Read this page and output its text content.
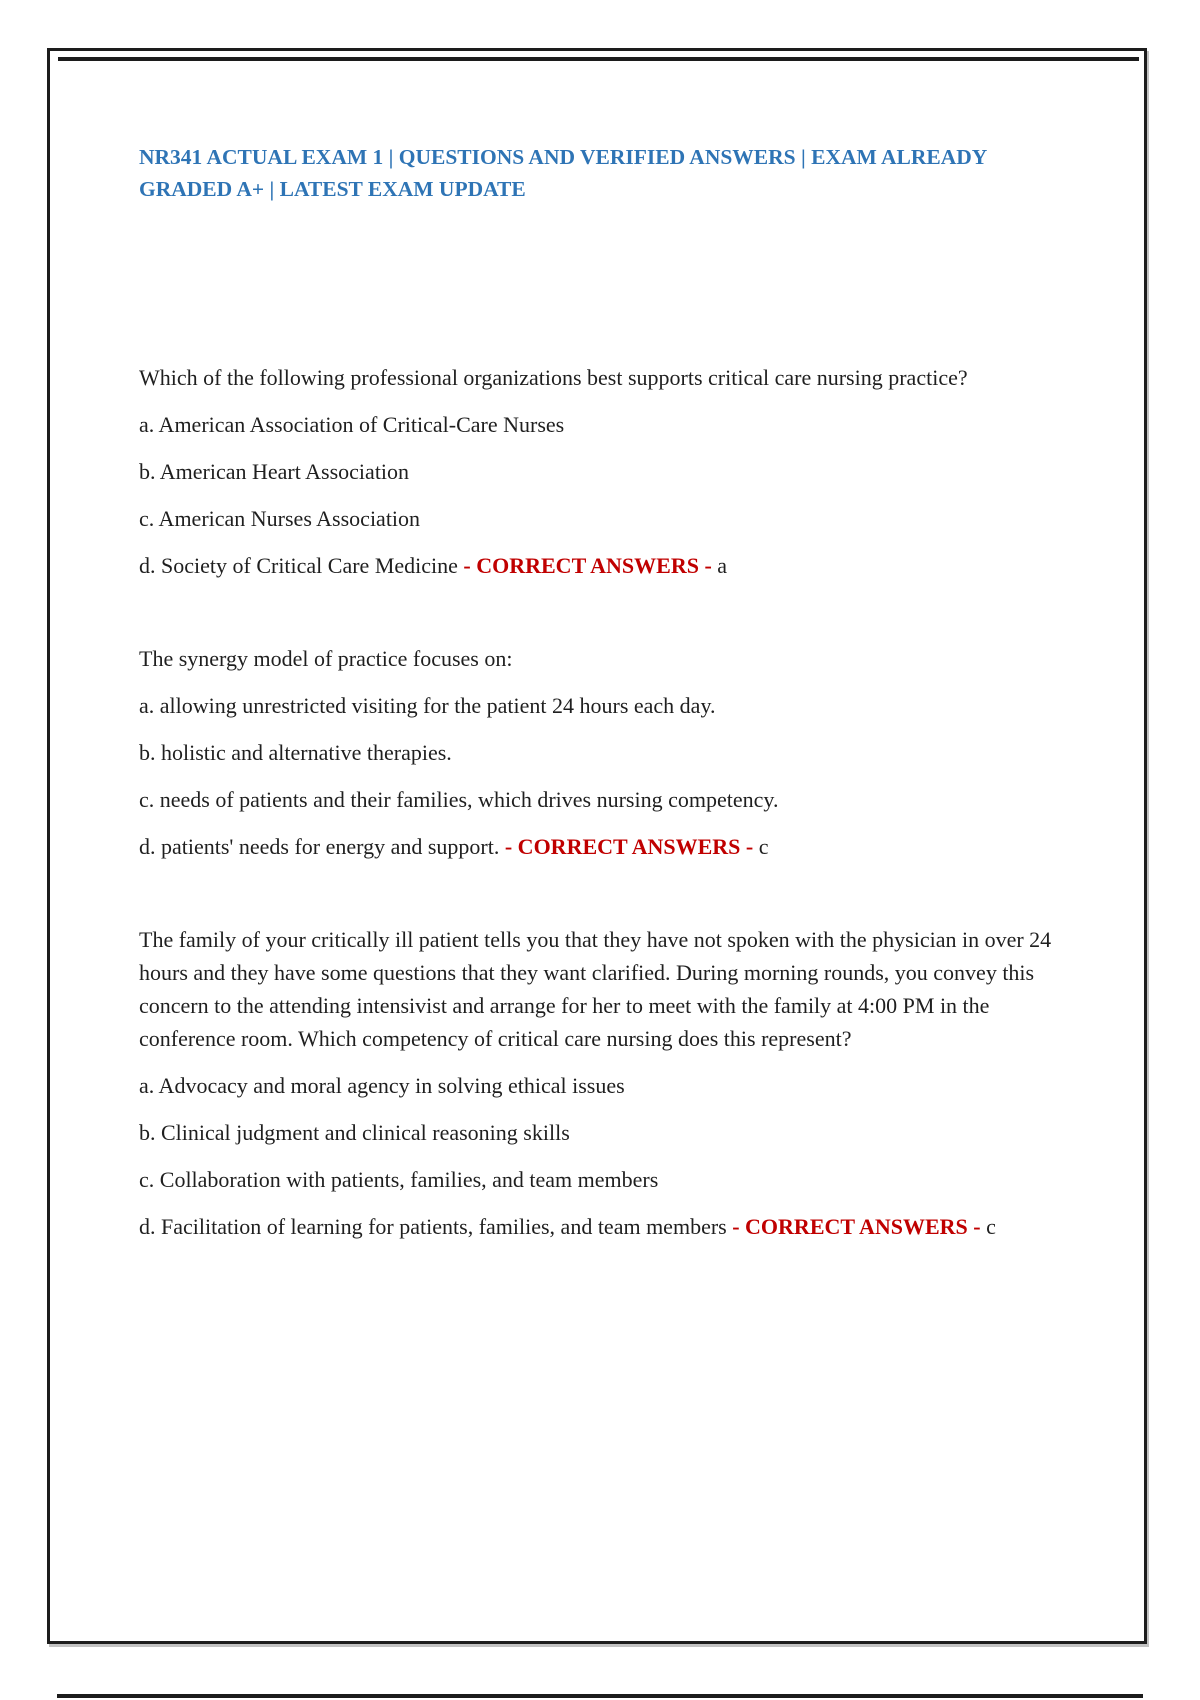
NR341 ACTUAL EXAM 1 | QUESTIONS AND VERIFIED ANSWERS | EXAM ALREADY GRADED A+ | LATEST EXAM UPDATE

Which of the following professional organizations best supports critical care nursing practice?

a. American Association of Critical-Care Nurses

b. American Heart Association

c. American Nurses Association

d. Society of Critical Care Medicine - CORRECT ANSWERS - a

The synergy model of practice focuses on:

a. allowing unrestricted visiting for the patient 24 hours each day.

b. holistic and alternative therapies.

c. needs of patients and their families, which drives nursing competency.

d. patients' needs for energy and support. - CORRECT ANSWERS - c

The family of your critically ill patient tells you that they have not spoken with the physician in over 24 hours and they have some questions that they want clarified. During morning rounds, you convey this concern to the attending intensivist and arrange for her to meet with the family at 4:00 PM in the conference room. Which competency of critical care nursing does this represent?

a. Advocacy and moral agency in solving ethical issues

b. Clinical judgment and clinical reasoning skills

c. Collaboration with patients, families, and team members

d. Facilitation of learning for patients, families, and team members - CORRECT ANSWERS - c
